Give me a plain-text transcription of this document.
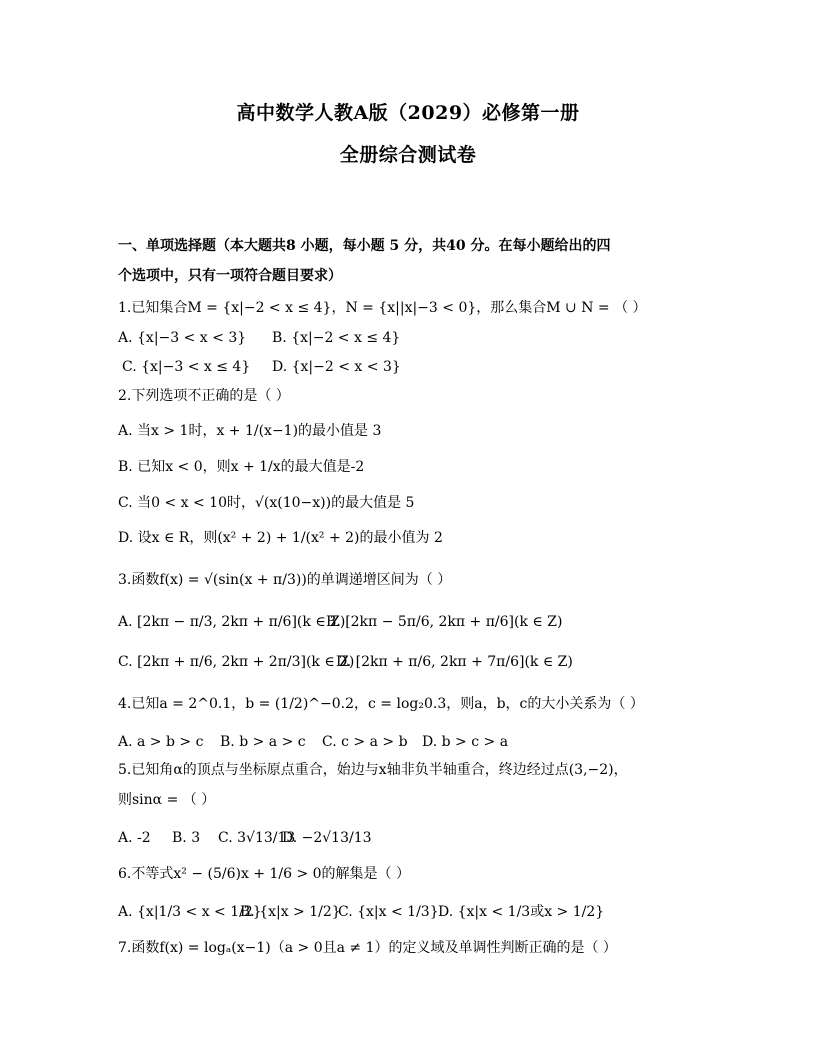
高中数学人教A版（2029）必修第一册
全册综合测试卷
一、单项选择题（本大题共8 小题，每小题 5 分，共40 分。在每小题给出的四
个选项中，只有一项符合题目要求）
1.已知集合M = {x|−2 < x ≤ 4}，N = {x||x|−3 < 0}，那么集合M ∪ N = （ ）
A. {x|−3 < x < 3} B. {x|−2 < x ≤ 4}
C. {x|−3 < x ≤ 4} D. {x|−2 < x < 3}
2.下列选项不正确的是（ ）
A. 当x > 1时，x + 1/(x−1)的最小值是 3
B. 已知x < 0，则x + 1/x的最大值是-2
C. 当0 < x < 10时，√(x(10−x))的最大值是 5
D. 设x ∈ R，则(x² + 2) + 1/(x² + 2)的最小值为 2
3.函数f(x) = √(sin(x + π/3))的单调递增区间为（ ）
A. [2kπ − π/3, 2kπ + π/6](k ∈ Z)
B. [2kπ − 5π/6, 2kπ + π/6](k ∈ Z)
C. [2kπ + π/6, 2kπ + 2π/3](k ∈ Z)
D. [2kπ + π/6, 2kπ + 7π/6](k ∈ Z)
4.已知a = 2^0.1，b = (1/2)^−0.2，c = log₂0.3，则a，b，c的大小关系为（ ）
A. a > b > c B. b > a > c C. c > a > b D. b > c > a
5.已知角α的顶点与坐标原点重合，始边与x轴非负半轴重合，终边经过点(3,−2)，
则sinα = （ ）
A. -2 B. 3 C. 3√13/13
D. −2√13/13
6.不等式x² − (5/6)x + 1/6 > 0的解集是（ ）
A. {x|1/3 < x < 1/2}
B. {x|x > 1/2}
C. {x|x < 1/3} D. {x|x < 1/3或x > 1/2}
7.函数f(x) = logₐ(x−1)（a > 0且a ≠ 1）的定义域及单调性判断正确的是（ ）
